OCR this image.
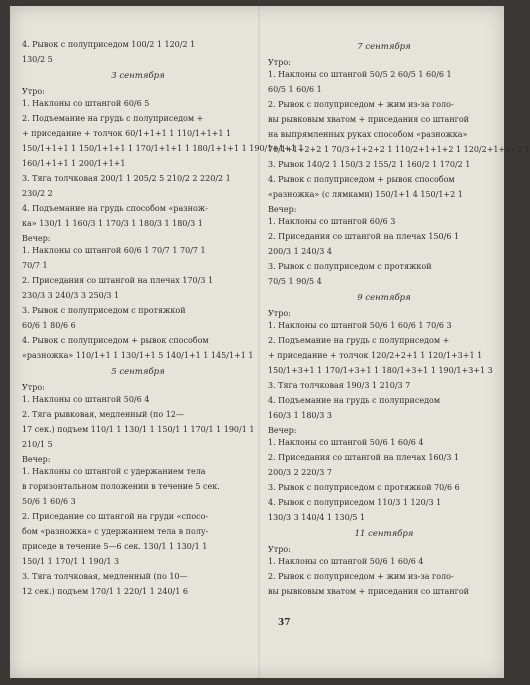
4. Рывок с полуприседом 100/2 1 120/2 1
130/2 5
3 сентября
Утро:
1. Наклоны со штангой 60/6 5
2. Подъемание на грудь с полуприседом +
+ приседание + толчок 60/1+1+1 1 110/1+1+1 1
150/1+1+1 1 150/1+1+1 1 170/1+1+1 1 180/1+1+1 1 190/1+1+1 1
160/1+1+1 1 200/1+1+1
3. Тяга толчковая 200/1 1 205/2 5 210/2 2 220/2 1
230/2 2
4. Подъемание на грудь способом «разнож-
ка» 130/1 1 160/3 1 170/3 1 180/3 1 180/3 1
Вечер:
1. Наклоны со штангой 60/6 1 70/7 1 70/7 1
70/7 1
2. Приседания со штангой на плечах 170/3 1
230/3 3 240/3 3 250/3 1
3. Рывок с полуприседом с протяжкой
60/6 1 80/6 6
4. Рывок с полуприседом + рывок способом
«разножка» 110/1+1 1 130/1+1 5 140/1+1 1 145/1+1 1
5 сентября
Утро:
1. Наклоны со штангой 50/6 4
2. Тяга рывковая, медленный (по 12—
17 сек.) подъем 110/1 1 130/1 1 150/1 1 170/1 1 190/1 1
210/1 5
Вечер:
1. Наклоны со штангой с удержанием тела
в горизонтальном положении в течение 5 сек.
50/6 1 60/6 3
2. Приседание со штангой на груди «спосо-
бом «разножка» с удержанием тела в полу-
приседе в течение 5—6 сек. 130/1 1 130/1 1
150/1 1 170/1 1 190/1 3
3. Тяга толчковая, медленный (по 10—
12 сек.) подъем 170/1 1 220/1 1 240/1 6
7 сентября
Утро:
1. Наклоны со штангой 50/5 2 60/5 1 60/6 1
60/5 1 60/6 1
2. Рывок с полуприседом + жим из-за голо-
вы рывковым хватом + приседания со штангой
на выпрямленных руках способом «разножка»
70/1+1+2+2 1 70/3+1+2+2 1 110/2+1+1+2 1 120/2+1+1+2 1
3. Рывок 140/2 1 150/3 2 155/2 1 160/2 1 170/2 1
4. Рывок с полуприседом + рывок способом
«разножка» (с лямками) 150/1+1 4 150/1+2 1
Вечер:
1. Наклоны со штангой 60/6 3
2. Приседания со штангой на плечах 150/6 1
200/3 1 240/3 4
3. Рывок с полуприседом с протяжкой
70/5 1 90/5 4
9 сентября
Утро:
1. Наклоны со штангой 50/6 1 60/6 1 70/6 3
2. Подъемание на грудь с полуприседом +
+ приседание + толчок 120/2+2+1 1 120/1+3+1 1
150/1+3+1 1 170/1+3+1 1 180/1+3+1 1 190/1+3+1 3
3. Тяга толчковая 190/3 1 210/3 7
4. Подъемание на грудь с полуприседом
160/3 1 180/3 3
Вечер:
1. Наклоны со штангой 50/6 1 60/6 4
2. Приседания со штангой на плечах 160/3 1
200/3 2 220/3 7
3. Рывок с полуприседом с протяжкой 70/6 6
4. Рывок с полуприседом 110/3 1 120/3 1
130/3 3 140/4 1 130/5 1
11 сентября
Утро:
1. Наклоны со штангой 50/6 1 60/6 4
2. Рывок с полуприседом + жим из-за голо-
вы рывковым хватом + приседания со штангой
37
